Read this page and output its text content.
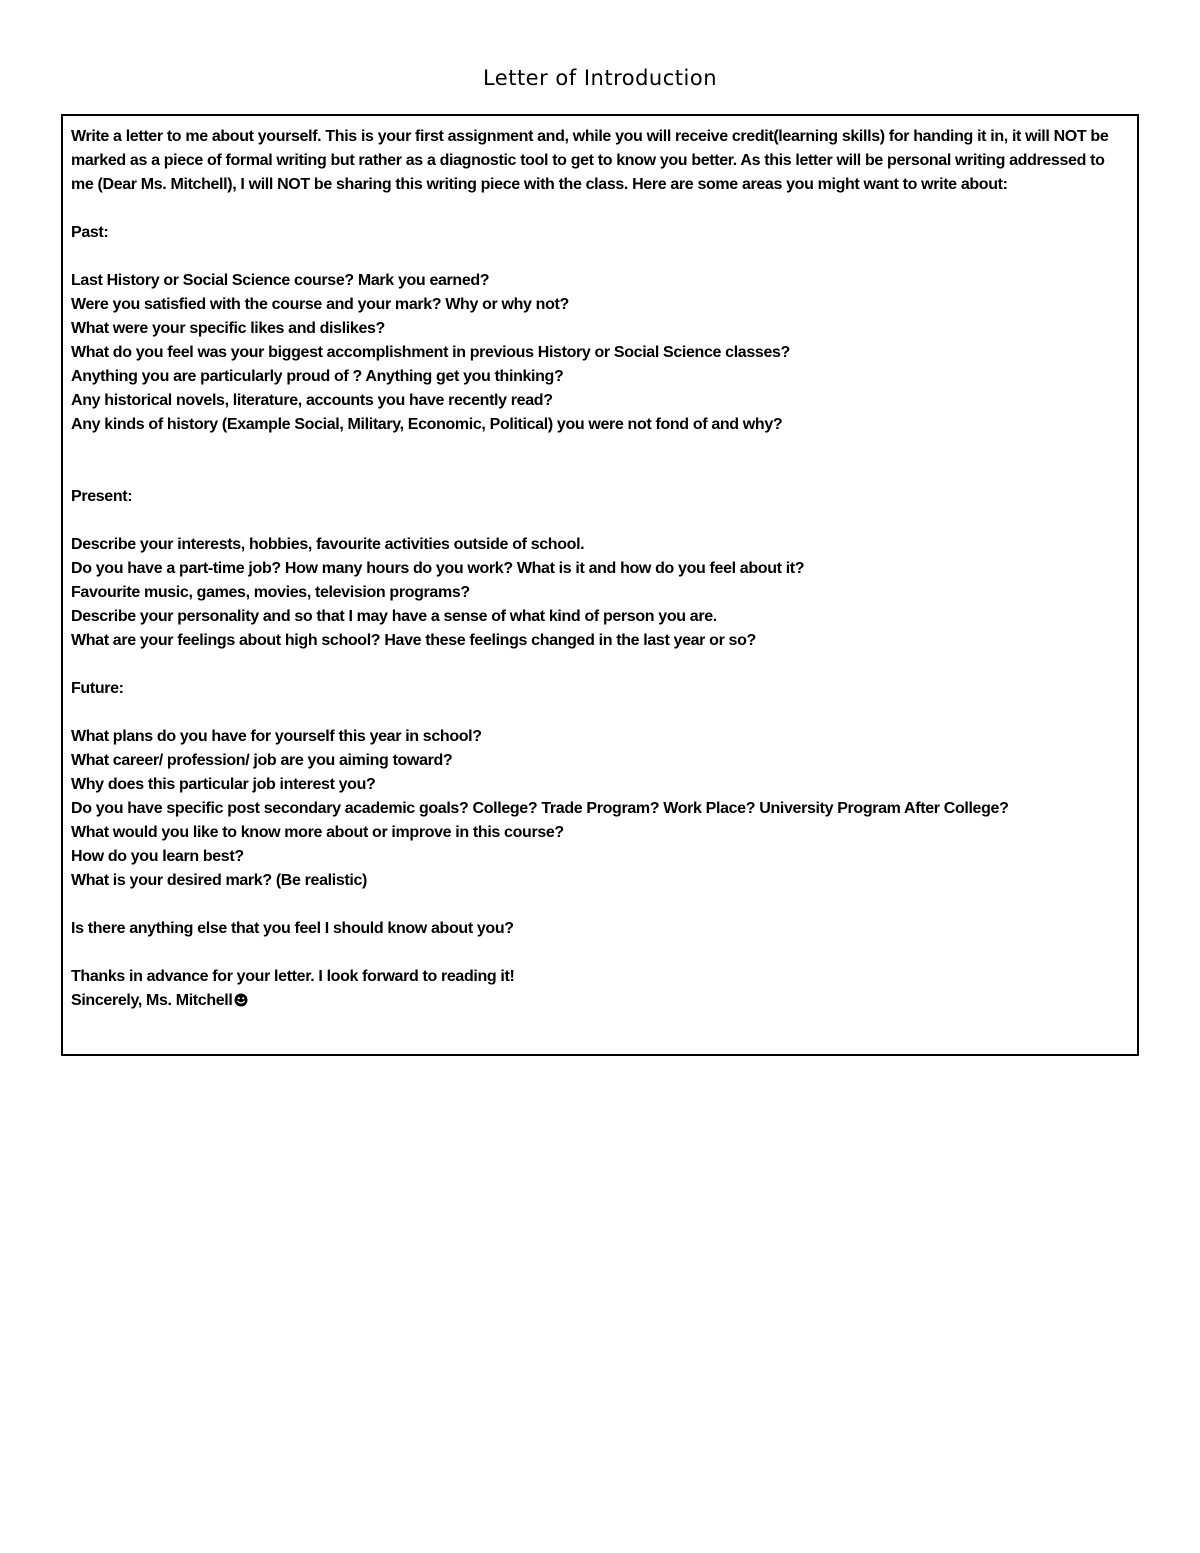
Letter of Introduction
Write a letter to me about yourself. This is your first assignment and, while you will receive credit(learning skills) for handing it in, it will NOT be marked as a piece of formal writing but rather as a diagnostic tool to get to know you better. As this letter will be personal writing addressed to me (Dear Ms. Mitchell), I will NOT be sharing this writing piece with the class. Here are some areas you might want to write about:
Past:
Last History or Social Science course? Mark you earned?
Were you satisfied with the course and your mark? Why or why not?
What were your specific likes and dislikes?
What do you feel was your biggest accomplishment in previous History or Social Science classes?
Anything you are particularly proud of ? Anything get you thinking?
Any historical novels, literature, accounts you have recently read?
Any kinds of history (Example Social, Military, Economic, Political) you were not fond of and why?
Present:
Describe your interests, hobbies, favourite activities outside of school.
Do you have a part-time job? How many hours do you work? What is it and how do you feel about it?
Favourite music, games, movies, television programs?
Describe your personality and so that I may have a sense of what kind of person you are.
What are your feelings about high school? Have these feelings changed in the last year or so?
Future:
What plans do you have for yourself this year in school?
What career/ profession/ job are you aiming toward?
Why does this particular job interest you?
Do you have specific post secondary academic goals? College? Trade Program? Work Place? University Program After College?
What would you like to know more about or improve in this course?
How do you learn best?
What is your desired mark? (Be realistic)
Is there anything else that you feel I should know about you?
Thanks in advance for your letter. I look forward to reading it!
Sincerely, Ms. Mitchell
